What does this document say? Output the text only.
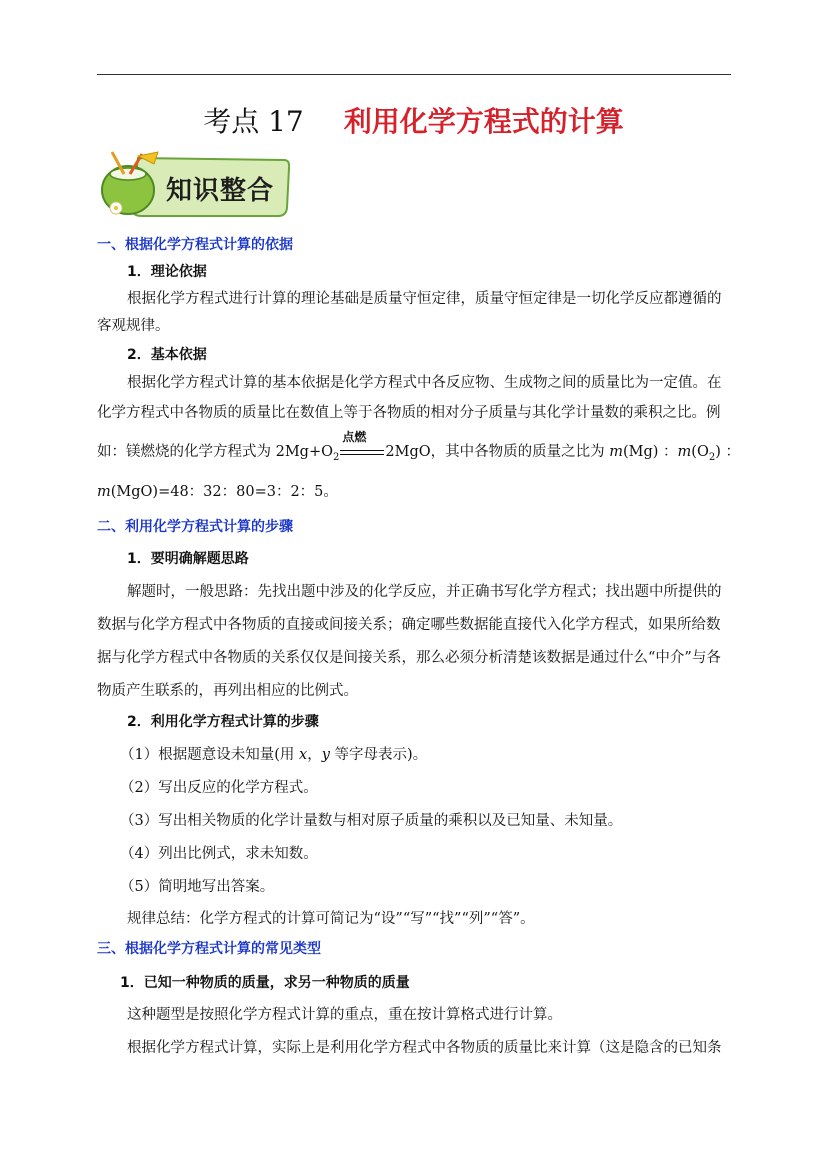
考点 17 利用化学方程式的计算
知识整合
一、根据化学方程式计算的依据
1．理论依据
根据化学方程式进行计算的理论基础是质量守恒定律，质量守恒定律是一切化学反应都遵循的
客观规律。
2．基本依据
根据化学方程式计算的基本依据是化学方程式中各反应物、生成物之间的质量比为一定值。在
化学方程式中各物质的质量比在数值上等于各物质的相对分子质量与其化学计量数的乘积之比。例
如：镁燃烧的化学方程式为 $2Mg+O_2$
点燃
2MgO，其中各物质的质量之比为 m(Mg) ：$m(O_2)$ ：
m(MgO)=48：32：80=3：2：5。
二、利用化学方程式计算的步骤
1．要明确解题思路
解题时，一般思路：先找出题中涉及的化学反应，并正确书写化学方程式；找出题中所提供的
数据与化学方程式中各物质的直接或间接关系；确定哪些数据能直接代入化学方程式，如果所给数
据与化学方程式中各物质的关系仅仅是间接关系，那么必须分析清楚该数据是通过什么“中介”与各
物质产生联系的，再列出相应的比例式。
2．利用化学方程式计算的步骤
（1）根据题意设未知量(用 x，y 等字母表示)。
（2）写出反应的化学方程式。
（3）写出相关物质的化学计量数与相对原子质量的乘积以及已知量、未知量。
（4）列出比例式，求未知数。
（5）简明地写出答案。
规律总结：化学方程式的计算可简记为“设”“写”“找”“列”“答”。
三、根据化学方程式计算的常见类型
1．已知一种物质的质量，求另一种物质的质量
这种题型是按照化学方程式计算的重点，重在按计算格式进行计算。
根据化学方程式计算，实际上是利用化学方程式中各物质的质量比来计算（这是隐含的已知条
